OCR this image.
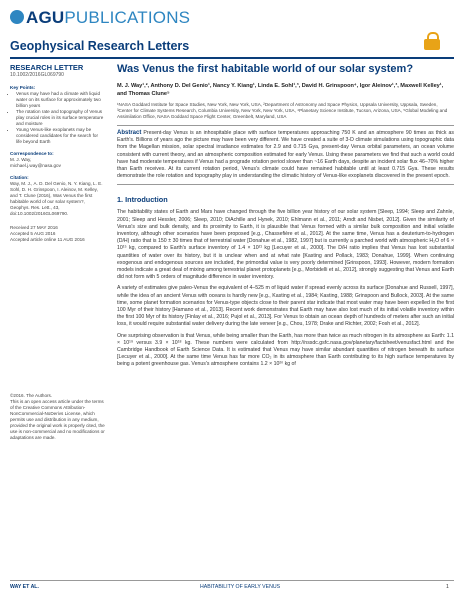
AGUPUBLICATIONS
Geophysical Research Letters
RESEARCH LETTER
10.1002/2016GL069790
Key Points:
• Venus may have had a climate with liquid water on its surface for approximately two billion years
• The rotation rate and topography of Venus play crucial roles in its surface temperature and moisture
• Young Venus-like exoplanets may be considered candidates for the search for life beyond Earth
Correspondence to:

M. J. Way,

michael.j.way@nasa.gov

Citation:

Way, M. J., A. D. Del Genio, N. Y. Kiang, L. E. Sohl, D. H. Grinspoon, I. Aleinov, M. Kelley, and T. Clune (2016), Was Venus the first habitable world of our solar system?, Geophys. Res. Lett., 43, doi:10.1002/2016GL069790.

Received 27 MAY 2016

Accepted 5 AUG 2016

Accepted article online 11 AUG 2016

©2016. The Authors.

This is an open access article under the terms of the Creative Commons Attribution-NonCommercial-NoDerivs License, which permits use and distribution in any medium, provided the original work is properly cited, the use is non-commercial and no modifications or adaptations are made.

Was Venus the first habitable world of our solar system?
M. J. Way¹,², Anthony D. Del Genio¹, Nancy Y. Kiang¹, Linda E. Sohl¹,³, David H. Grinspoon⁴, Igor Aleinov¹,³, Maxwell Kelley¹, and Thomas Clune⁵
¹NASA Goddard Institute for Space Studies, New York, New York, USA, ²Department of Astronomy and Space Physics, Uppsala University, Uppsala, Sweden, ³Center for Climate Systems Research, Columbia University, New York, New York, USA, ⁴Planetary Science Institute, Tucson, Arizona, USA, ⁵Global Modeling and Assimilation Office, NASA Goddard Space Flight Center, Greenbelt, Maryland, USA
Abstract Present-day Venus is an inhospitable place with surface temperatures approaching 750 K and an atmosphere 90 times as thick as Earth's. Billions of years ago the picture may have been very different. We have created a suite of 3-D climate simulations using topographic data from the Magellan mission, solar spectral irradiance estimates for 2.9 and 0.715 Gya, present-day Venus orbital parameters, an ocean volume consistent with current theory, and an atmospheric composition estimated for early Venus. Using these parameters we find that such a world could have had moderate temperatures if Venus had a prograde rotation period slower than ~16 Earth days, despite an incident solar flux 46–70% higher than Earth receives. At its current rotation period, Venus's climate could have remained habitable until at least 0.715 Gya. These results demonstrate the role rotation and topography play in understanding the climatic history of Venus-like exoplanets discovered in the present epoch.
1. Introduction

The habitability states of Earth and Mars have changed through the five billion year history of our solar system [Sleep, 1994; Sleep and Zahnle, 2001; Sleep and Hessler, 2006; Sleep, 2010; DiAchille and Hynek, 2010; Ehlmann et al., 2011; Arndt and Nisbet, 2012]. Given the similarity of Venus's size and bulk density, and its proximity to Earth, it is plausible that Venus formed with a similar bulk composition and initial volatile inventory, although other scenarios have been proposed [e.g., Chassefière et al., 2012]. At the same time, Venus has a deuterium-to-hydrogen (D/H) ratio that is 150 ± 30 times that of terrestrial water [Donahue et al., 1982, 1997] but is currently a parched world with atmospheric H₂O of 6 × 10¹⁵ kg, compared to Earth's surface inventory of 1.4 × 10²¹ kg [Lecuyer et al., 2000]. The D/H ratio implies that Venus has lost substantial quantities of water over its history, but it is unclear when and at what rate [Kasting and Pollack, 1983; Donahue, 1999]. When continuing exogenous and endogenous sources are included, the primordial value is very poorly determined [Grinspoon, 1993]. However, modern formation models indicate a great deal of mixing among terrestrial planet protoplanets [e.g., Morbidelli et al., 2012], strongly suggesting that Venus and Earth did not form with 5 orders of magnitude difference in water inventory.

A variety of estimates give paleo-Venus the equivalent of 4–525 m of liquid water if spread evenly across its surface [Donahue and Russell, 1997], while the idea of an ancient Venus with oceans is hardly new [e.g., Kasting et al., 1984; Kasting, 1988; Grinspoon and Bullock, 2003]. At the same time, some planet formation scenarios for Venus-type objects close to their parent star indicate that most water may have been expelled in the first 100 Myr of their history [Hamano et al., 2013]. Recent work demonstrates that Earth may have also lost much of its initial volatile inventory within the first 100 Myr of its history [Finlay et al., 2016; Pujol et al., 2013]. For Venus to obtain an ocean depth of hundreds of meters after such an initial loss, it would require substantial water delivery during the late veneer [e.g., Chou, 1978; Drake and Richter, 2002; Fosh et al., 2012].

One surprising observation is that Venus, while being smaller than the Earth, has more than twice as much nitrogen in its atmosphere as Earth: 1.1 × 10¹⁹ versus 3.9 × 10¹⁸ kg. These numbers were calculated from http://nssdc.gsfc.nasa.gov/planetary/factsheet/venusfact.html and the Cambridge Handbook of Earth Science Data. It is estimated that Venus may have similar abundant quantities of nitrogen beneath its surface [Lecuyer et al., 2000]. At the same time Venus has far more CO₂ in its atmosphere than Earth contributing to its high surface temperatures by being a potent greenhouse gas. Venus's atmosphere contains 1.2 × 10²⁰ kg of

WAY ET AL.	HABITABILITY OF EARLY VENUS	1
